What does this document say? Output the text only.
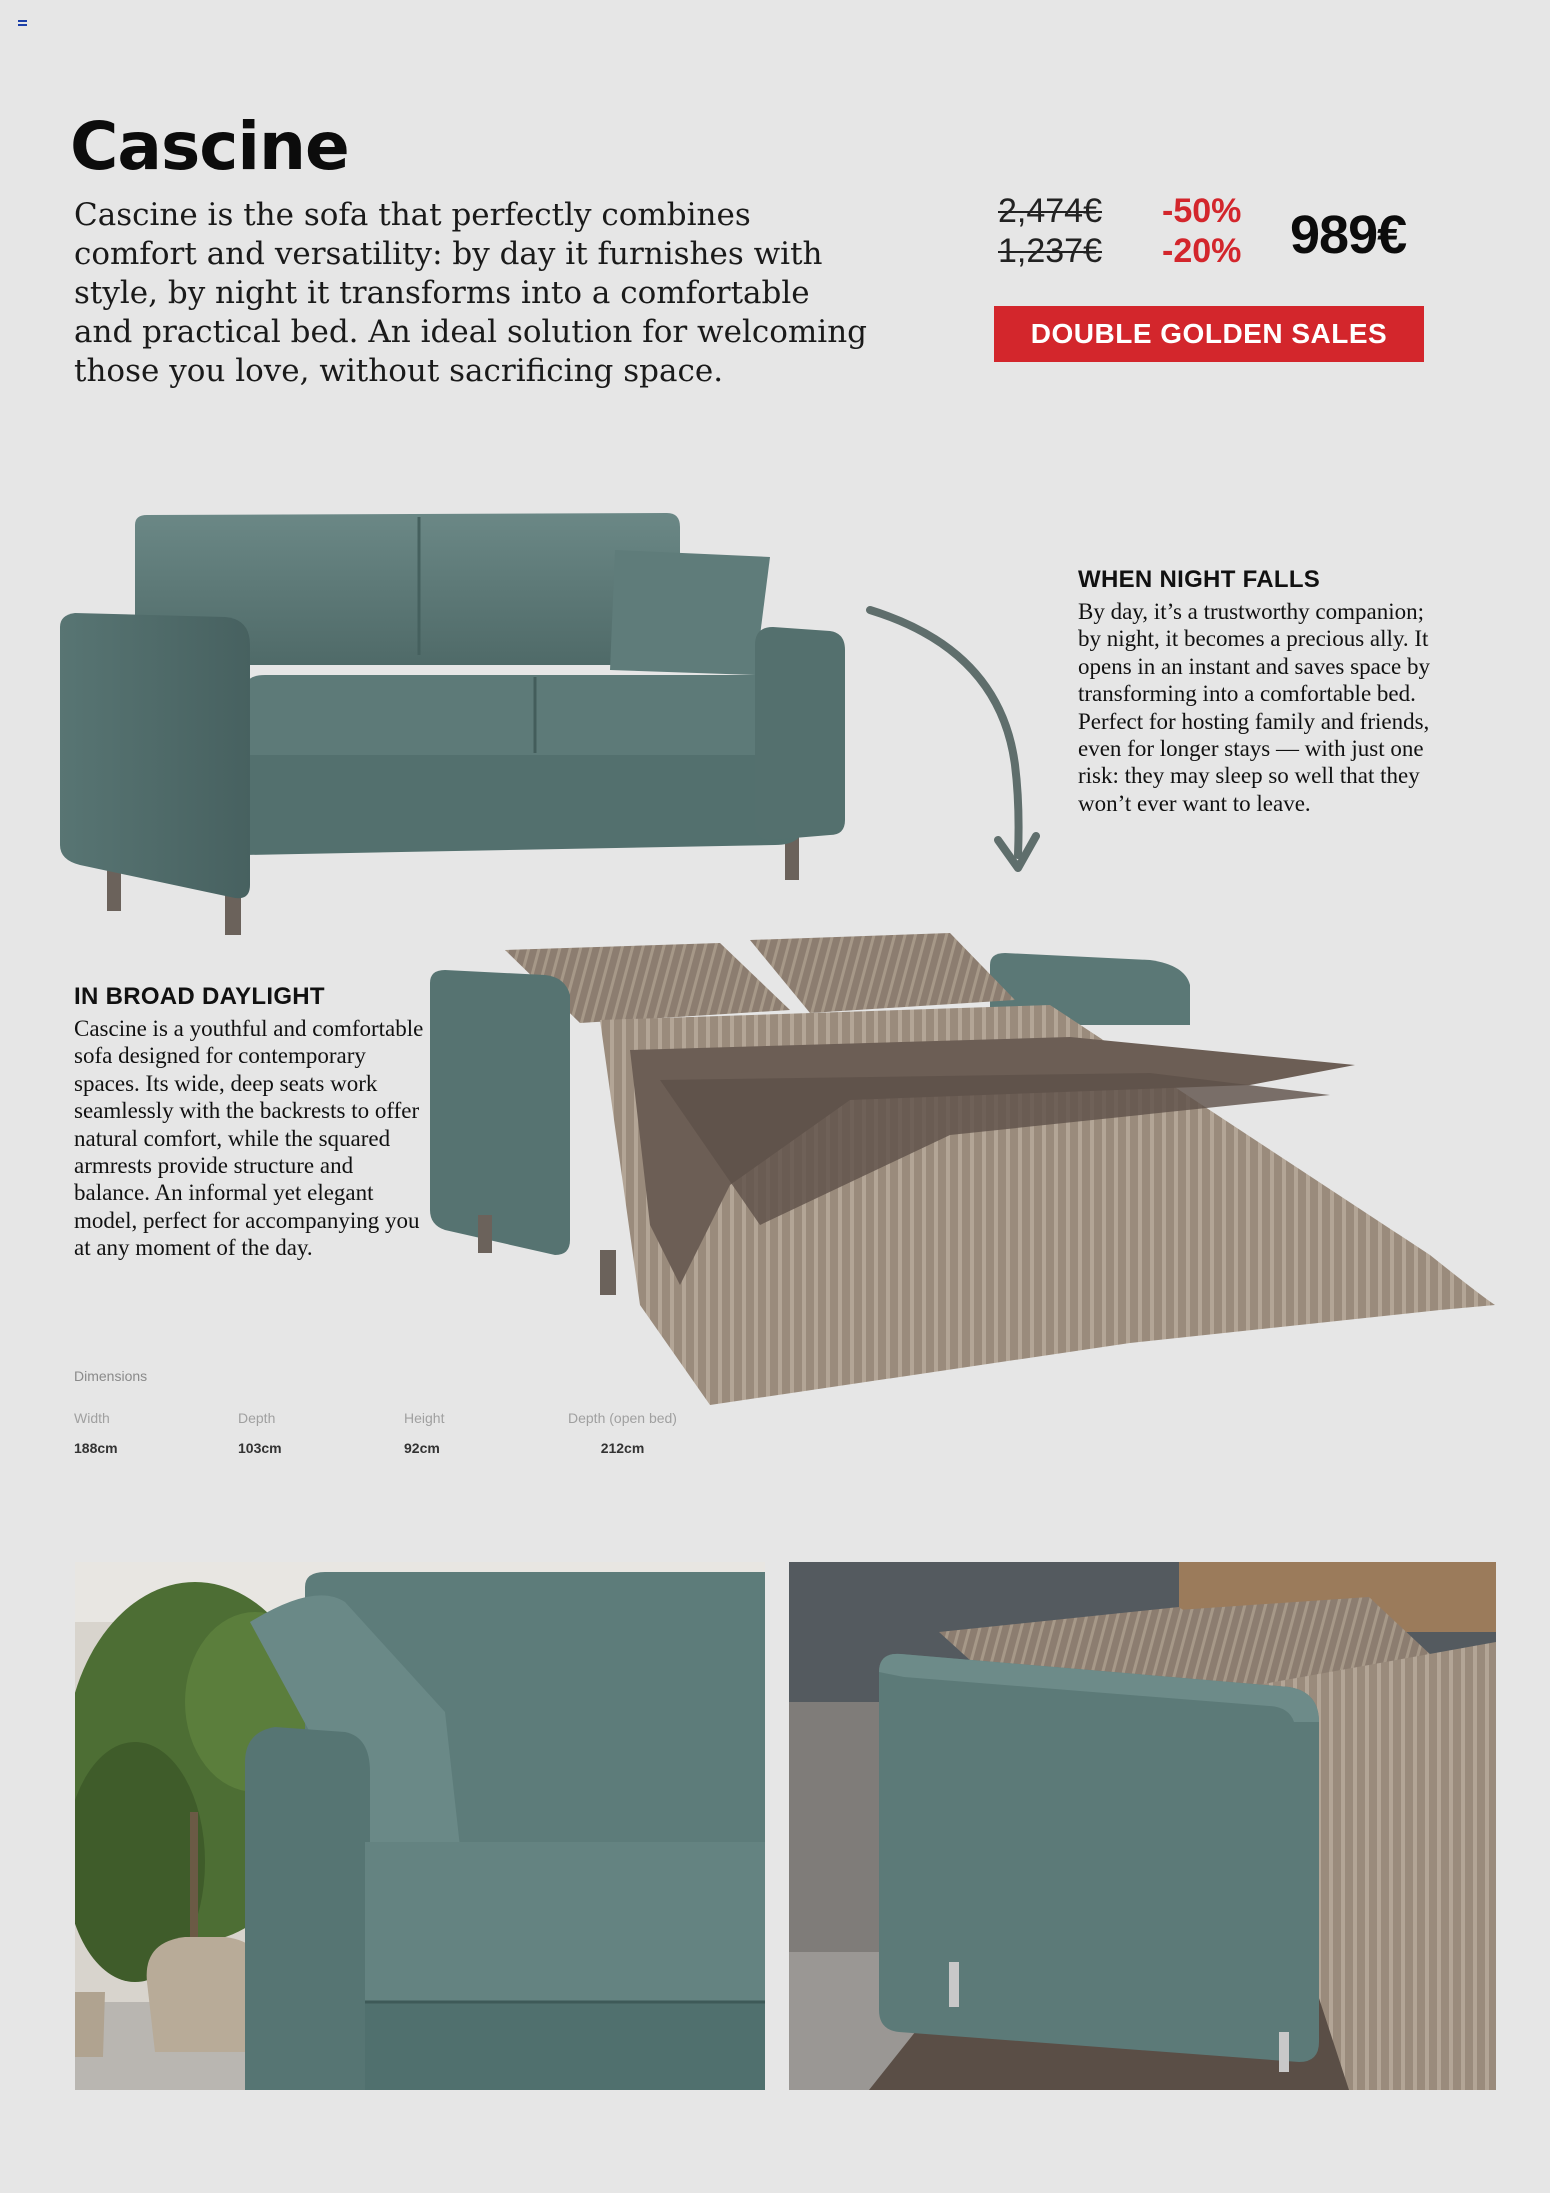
Cascine

Cascine is the sofa that perfectly combines comfort and versatility: by day it furnishes with style, by night it transforms into a comfortable and practical bed. An ideal solution for welcoming those you love, without sacrificing space.

2,474€
1,237€
-50%
-20% 989€
DOUBLE GOLDEN SALES
WHEN NIGHT FALLS

By day, it’s a trustworthy companion; by night, it becomes a precious ally. It opens in an instant and saves space by transforming into a comfortable bed. Perfect for hosting family and friends, even for longer stays — with just one risk: they may sleep so well that they won’t ever want to leave.

IN BROAD DAYLIGHT

Cascine is a youthful and comfortable sofa designed for contemporary spaces. Its wide, deep seats work seamlessly with the backrests to offer natural comfort, while the squared armrests provide structure and balance. An informal yet elegant model, perfect for accompanying you at any moment of the day.

Dimensions
Width
188cm
Depth
103cm
Height
92cm
Depth (open bed)
212cm
